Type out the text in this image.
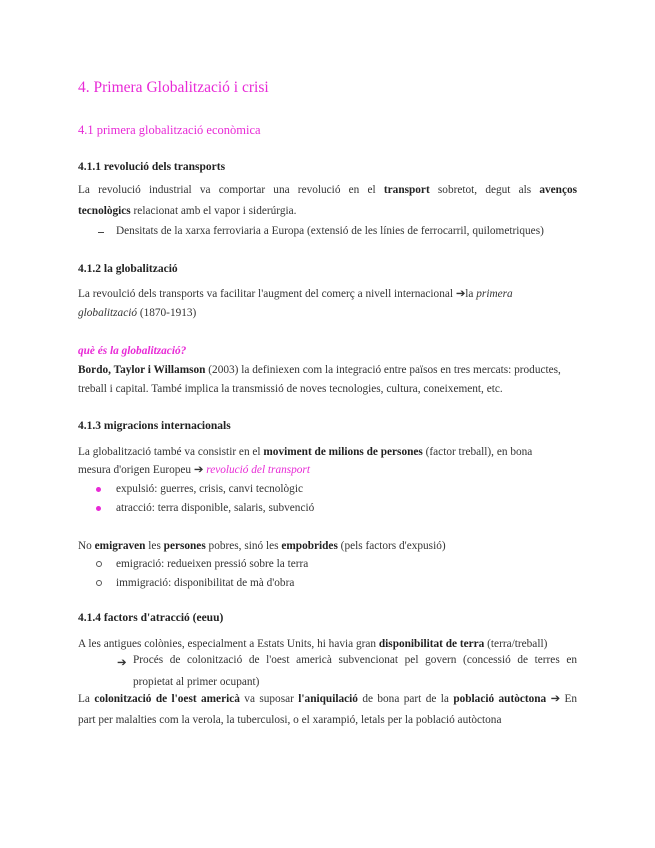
4. Primera Globalització i crisi
4.1 primera globalització econòmica
4.1.1 revolució dels transports
La revolució industrial va comportar una revolució en el transport sobretot, degut als avenços
tecnològics relacionat amb el vapor i siderúrgia.
Densitats de la xarxa ferroviaria a Europa (extensió de les línies de ferrocarril, quilometriques)
4.1.2 la globalització
La revoulció dels transports va facilitar l'augment del comerç a nivell internacional ➔la primera
globalització (1870-1913)
què és la globalització?
Bordo, Taylor i Willamson (2003) la definiexen com la integració entre països en tres mercats: productes,
treball i capital. També implica la transmissió de noves tecnologies, cultura, coneixement, etc.
4.1.3 migracions internacionals
La globalització també va consistir en el moviment de milions de persones (factor treball), en bona
mesura d'origen Europeu ➔ revolució del transport
expulsió: guerres, crisis, canvi tecnològic
atracció: terra disponible, salaris, subvenció
No emigraven les persones pobres, sinó les empobrides (pels factors d'expusió)
emigració: redueixen pressió sobre la terra
immigració: disponibilitat de mà d'obra
4.1.4 factors d'atracció (eeuu)
A les antigues colònies, especialment a Estats Units, hi havia gran disponibilitat de terra (terra/treball)
➔ Procés de colonització de l'oest americà subvencionat pel govern (concessió de terres en
propietat al primer ocupant)
La colonització de l'oest americà va suposar l'aniquilació de bona part de la població autòctona ➔ En
part per malalties com la verola, la tuberculosi, o el xarampió, letals per la població autòctona
